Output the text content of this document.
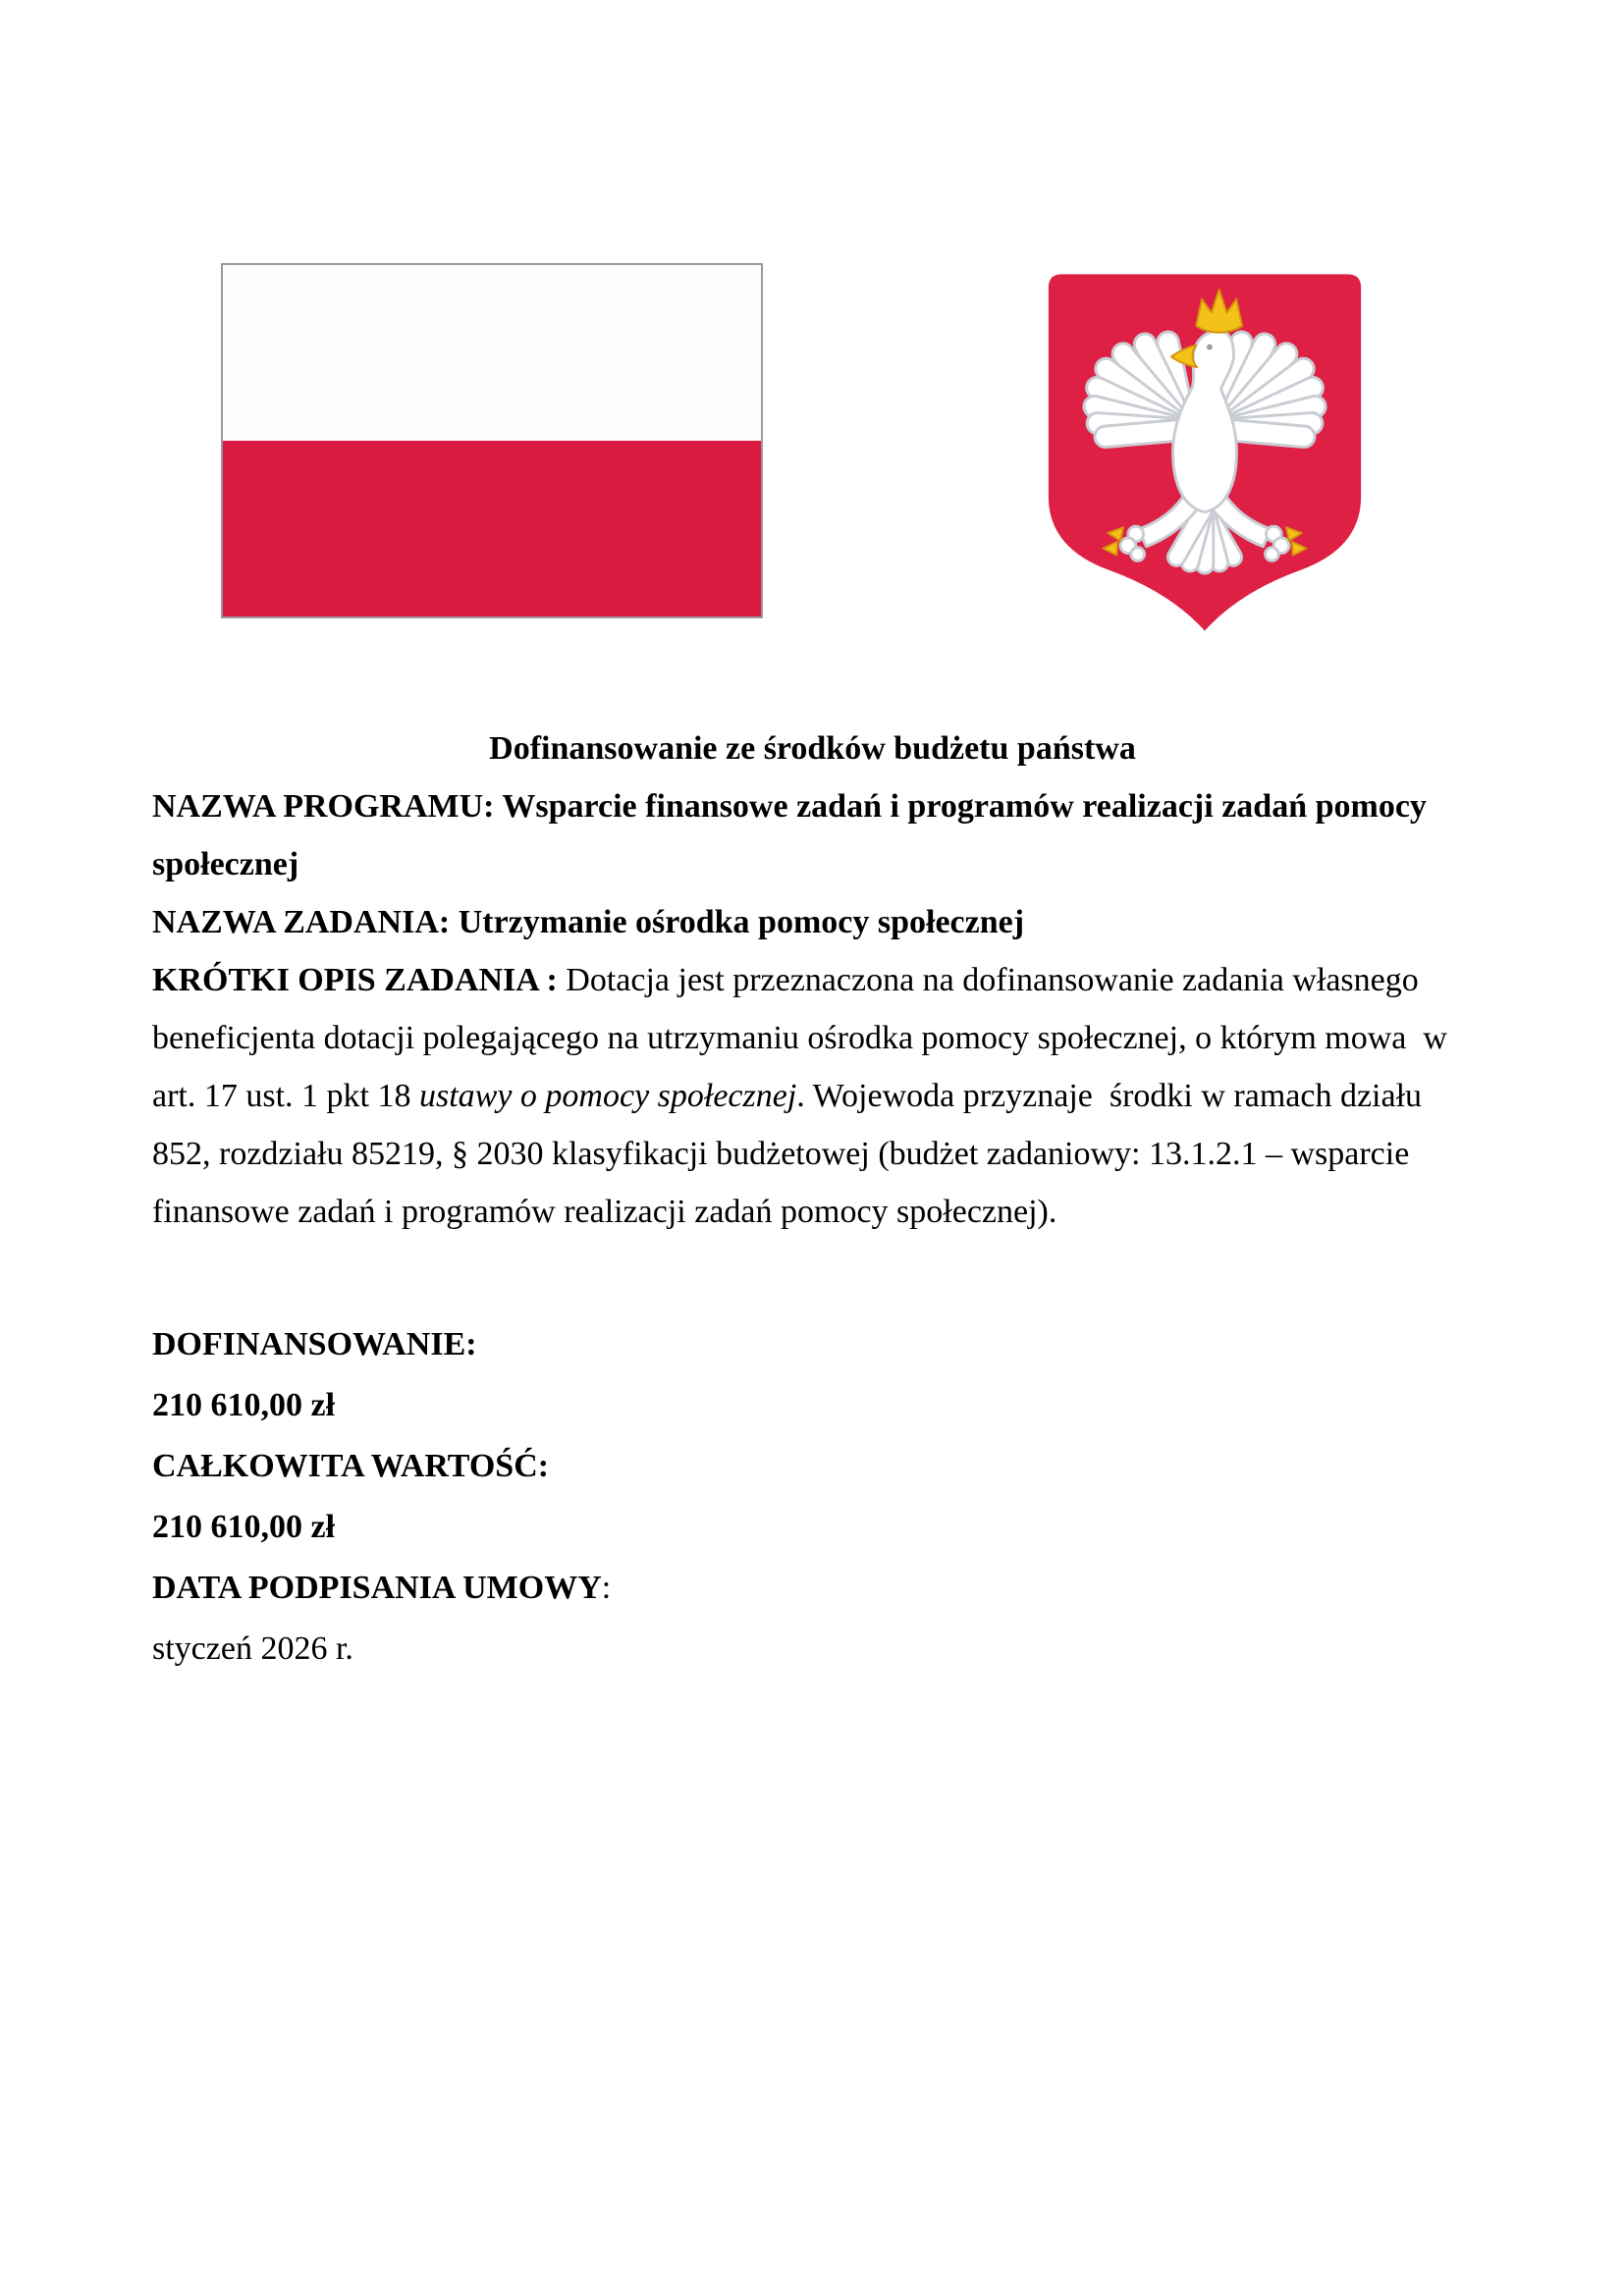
Dofinansowanie ze środków budżetu państwa

NAZWA PROGRAMU: Wsparcie finansowe zadań i programów realizacji zadań pomocy społecznej

NAZWA ZADANIA: Utrzymanie ośrodka pomocy społecznej

KRÓTKI OPIS ZADANIA : Dotacja jest przeznaczona na dofinansowanie zadania własnego beneficjenta dotacji polegającego na utrzymaniu ośrodka pomocy społecznej, o którym mowa  w art. 17 ust. 1 pkt 18 ustawy o pomocy społecznej. Wojewoda przyznaje  środki w ramach działu 852, rozdziału 85219, § 2030 klasyfikacji budżetowej (budżet zadaniowy: 13.1.2.1 – wsparcie finansowe zadań i programów realizacji zadań pomocy społecznej).

DOFINANSOWANIE:

210 610,00 zł

CAŁKOWITA WARTOŚĆ:

210 610,00 zł

DATA PODPISANIA UMOWY:

styczeń 2026 r.
